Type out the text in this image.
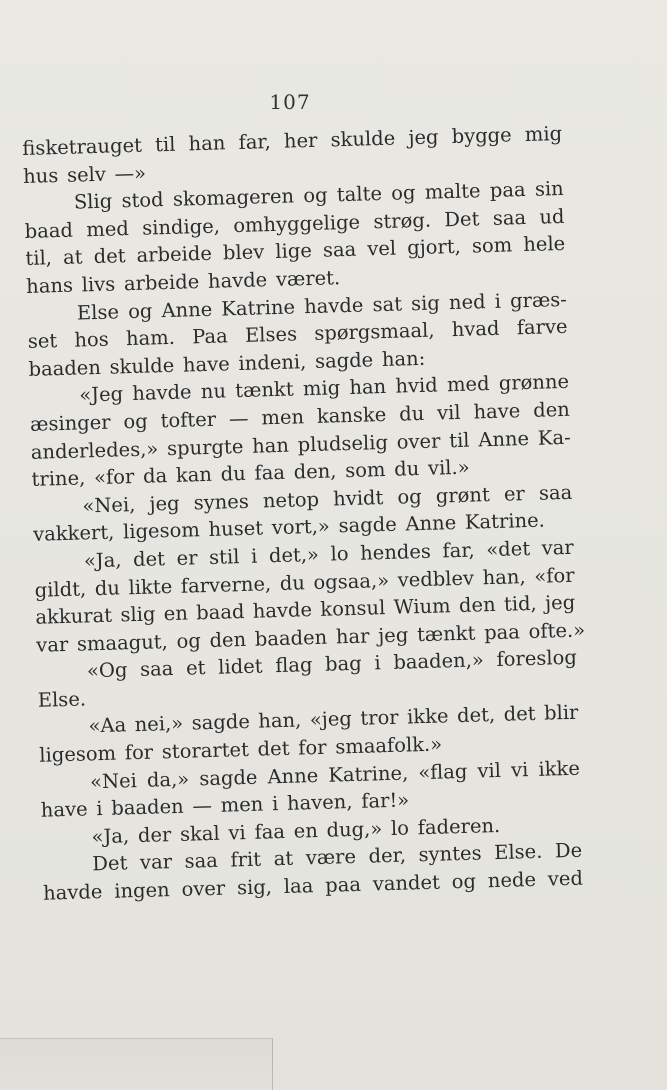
107
fisketrauget til han far, her skulde jeg bygge mig
hus selv —»
Slig stod skomageren og talte og malte paa sin
baad med sindige, omhyggelige strøg. Det saa ud
til, at det arbeide blev lige saa vel gjort, som hele
hans livs arbeide havde været.
Else og Anne Katrine havde sat sig ned i græs-
set hos ham. Paa Elses spørgsmaal, hvad farve
baaden skulde have indeni, sagde han:
«Jeg havde nu tænkt mig han hvid med grønne
æsinger og tofter — men kanske du vil have den
anderledes,» spurgte han pludselig over til Anne Ka-
trine, «for da kan du faa den, som du vil.»
«Nei, jeg synes netop hvidt og grønt er saa
vakkert, ligesom huset vort,» sagde Anne Katrine.
«Ja, det er stil i det,» lo hendes far, «det var
gildt, du likte farverne, du ogsaa,» vedblev han, «for
akkurat slig en baad havde konsul Wium den tid, jeg
var smaagut, og den baaden har jeg tænkt paa ofte.»
«Og saa et lidet flag bag i baaden,» foreslog
Else.
«Aa nei,» sagde han, «jeg tror ikke det, det blir
ligesom for storartet det for smaafolk.»
«Nei da,» sagde Anne Katrine, «flag vil vi ikke
have i baaden — men i haven, far!»
«Ja, der skal vi faa en dug,» lo faderen.
Det var saa frit at være der, syntes Else. De
havde ingen over sig, laa paa vandet og nede ved
